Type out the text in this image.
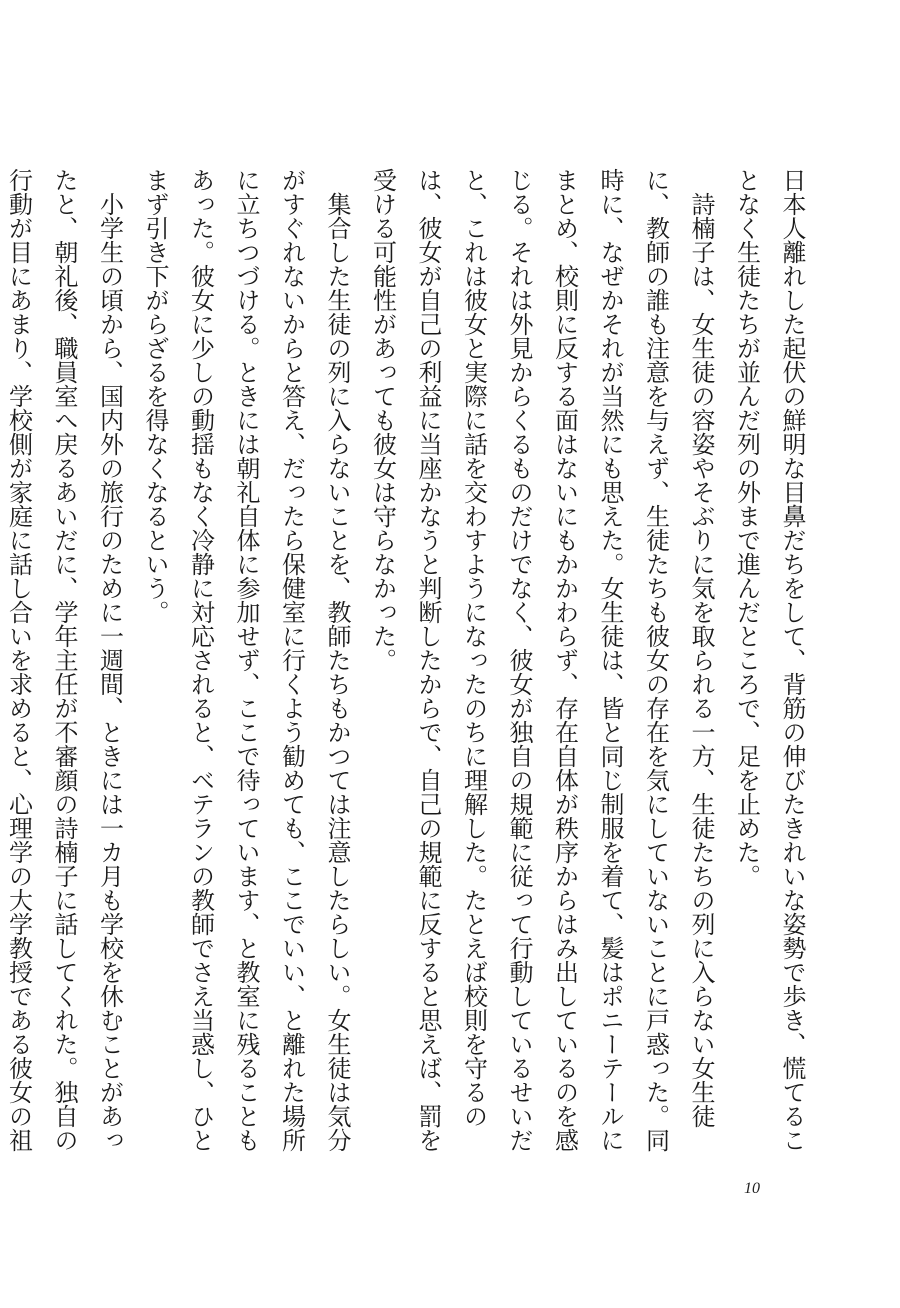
日本人離れした起伏の鮮明な目鼻だちをして、背筋の伸びたきれいな姿勢で歩き、慌てることなく生徒たちが並んだ列の外まで進んだところで、足を止めた。

詩楠子は、女生徒の容姿やそぶりに気を取られる一方、生徒たちの列に入らない女生徒に、教師の誰も注意を与えず、生徒たちも彼女の存在を気にしていないことに戸惑った。同時に、なぜかそれが当然にも思えた。女生徒は、皆と同じ制服を着て、髪はポニーテールにまとめ、校則に反する面はないにもかかわらず、存在自体が秩序からはみ出しているのを感じる。それは外見からくるものだけでなく、彼女が独自の規範に従って行動しているせいだと、これは彼女と実際に話を交わすようになったのちに理解した。たとえば校則を守るのは、彼女が自己の利益に当座かなうと判断したからで、自己の規範に反すると思えば、罰を受ける可能性があっても彼女は守らなかった。

集合した生徒の列に入らないことを、教師たちもかつては注意したらしい。女生徒は気分がすぐれないからと答え、だったら保健室に行くよう勧めても、ここでいい、と離れた場所に立ちつづける。ときには朝礼自体に参加せず、ここで待っています、と教室に残ることもあった。彼女に少しの動揺もなく冷静に対応されると、ベテランの教師でさえ当惑し、ひとまず引き下がらざるを得なくなるという。

小学生の頃から、国内外の旅行のために一週間、ときには一カ月も学校を休むことがあったと、朝礼後、職員室へ戻るあいだに、学年主任が不審顔の詩楠子に話してくれた。独自の行動が目にあまり、学校側が家庭に話し合いを求めると、心理学の大学教授である彼女の祖

10
